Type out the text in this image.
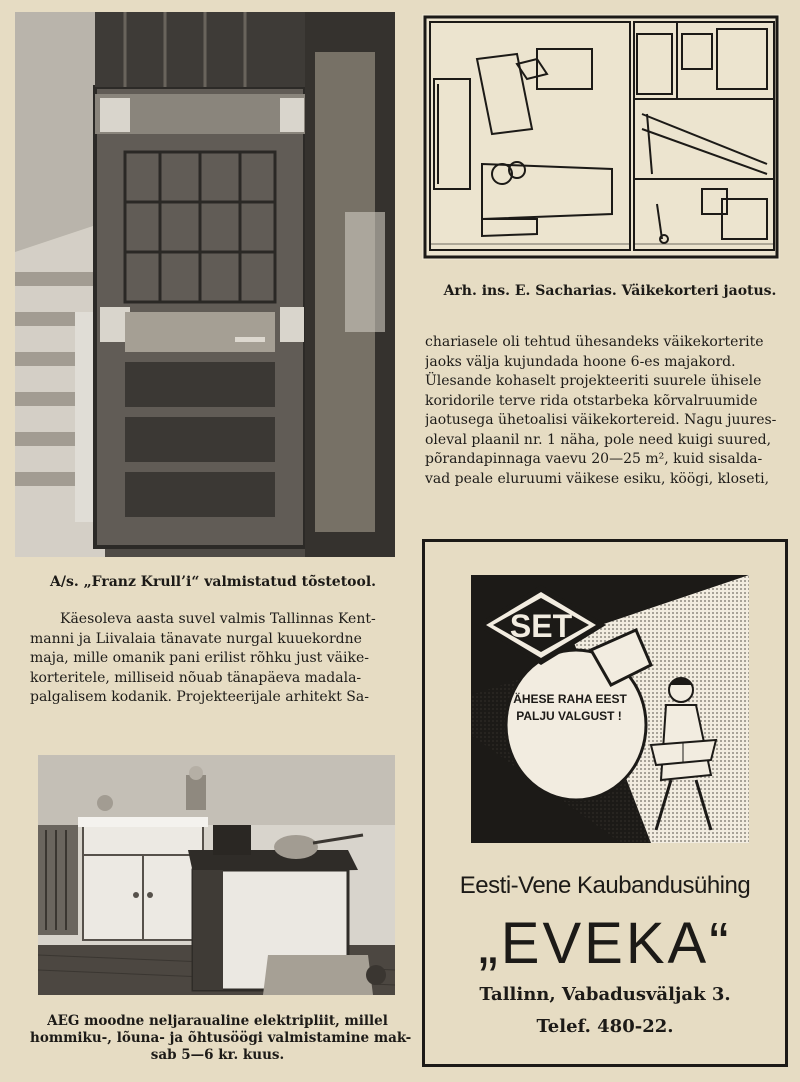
A/s. „Franz Krull’i“ valmistatud tõstetool.
Arh. ins. E. Sacharias. Väikekorteri jaotus.

chariasele oli tehtud ühesandeks väikekorterite

jaoks välja kujundada hoone 6-es majakord.

Ülesande kohaselt projekteeriti suurele ühisele

koridorile terve rida otstarbeka kõrvalruumide

jaotusega ühetoalisi väikekortereid. Nagu juures-

oleval plaanil nr. 1 näha, pole need kuigi suured,

põrandapinnaga vaevu 20—25 m², kuid sisalda-

vad peale eluruumi väikese esiku, köögi, kloseti,

Käesoleva aasta suvel valmis Tallinnas Kent-

manni ja Liivalaia tänavate nurgal kuuekordne

maja, mille omanik pani erilist rõhku just väike-

korteritele, milliseid nõuab tänapäeva madala-

palgalisem kodanik. Projekteerijale arhitekt Sa-

AEG moodne neljaraualine elektripliit, millel
hommiku-, lõuna- ja õhtusöögi valmistamine mak-
sab 5—6 kr. kuus.
SET
VÄHESE RAHA EEST
PALJU VALGUST !
Eesti-Vene Kaubandusühing
„EVEKA“
Tallinn, Vabadusväljak 3.
Telef. 480-22.
